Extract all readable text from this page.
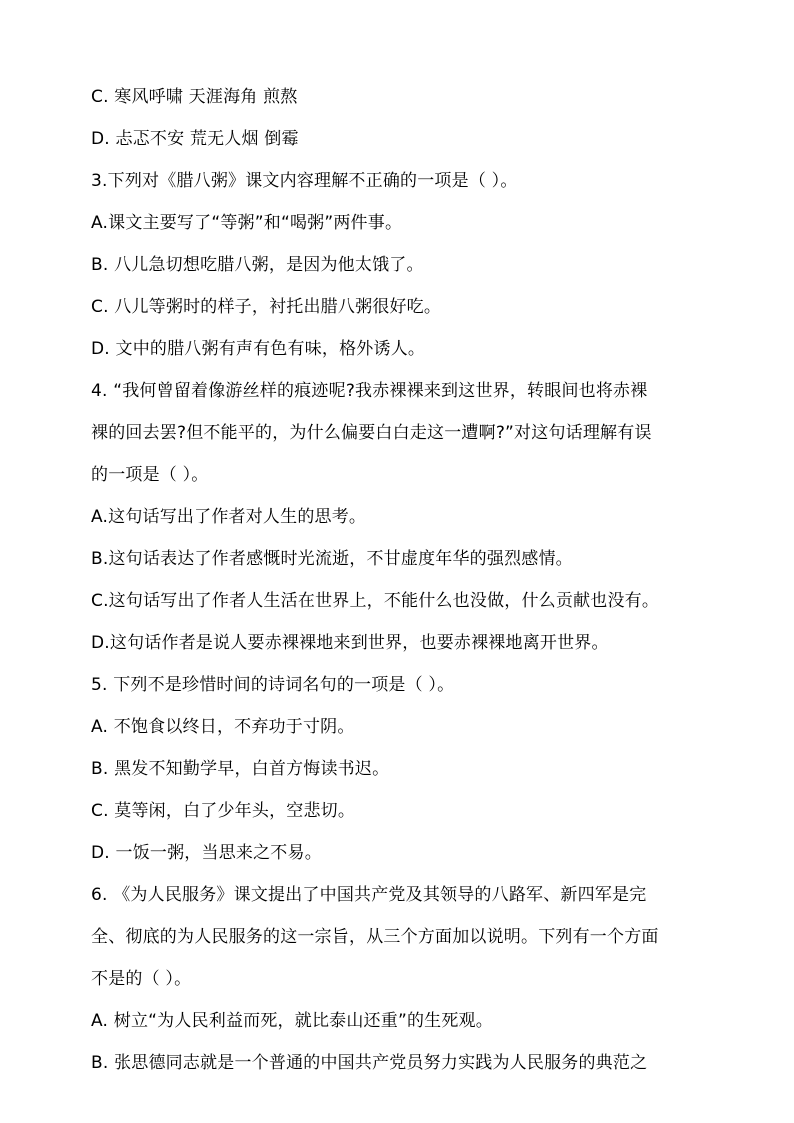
C. 寒风呼啸 天涯海角 煎熬
D. 忐忑不安 荒无人烟 倒霉
3.下列对《腊八粥》课文内容理解不正确的一项是（ ）。
A.课文主要写了“等粥”和“喝粥”两件事。
B. 八儿急切想吃腊八粥，是因为他太饿了。
C. 八儿等粥时的样子，衬托出腊八粥很好吃。
D. 文中的腊八粥有声有色有味，格外诱人。
4. “我何曾留着像游丝样的痕迹呢?我赤裸裸来到这世界，转眼间也将赤裸
裸的回去罢?但不能平的，为什么偏要白白走这一遭啊?”对这句话理解有误
的一项是（ ）。
A.这句话写出了作者对人生的思考。
B.这句话表达了作者感慨时光流逝，不甘虚度年华的强烈感情。
C.这句话写出了作者人生活在世界上，不能什么也没做，什么贡献也没有。
D.这句话作者是说人要赤裸裸地来到世界，也要赤裸裸地离开世界。
5. 下列不是珍惜时间的诗词名句的一项是（ ）。
A. 不饱食以终日，不弃功于寸阴。
B. 黑发不知勤学早，白首方悔读书迟。
C. 莫等闲，白了少年头，空悲切。
D. 一饭一粥，当思来之不易。
6. 《为人民服务》课文提出了中国共产党及其领导的八路军、新四军是完
全、彻底的为人民服务的这一宗旨，从三个方面加以说明。下列有一个方面
不是的（ ）。
A. 树立“为人民利益而死，就比泰山还重”的生死观。
B. 张思德同志就是一个普通的中国共产党员努力实践为人民服务的典范之
